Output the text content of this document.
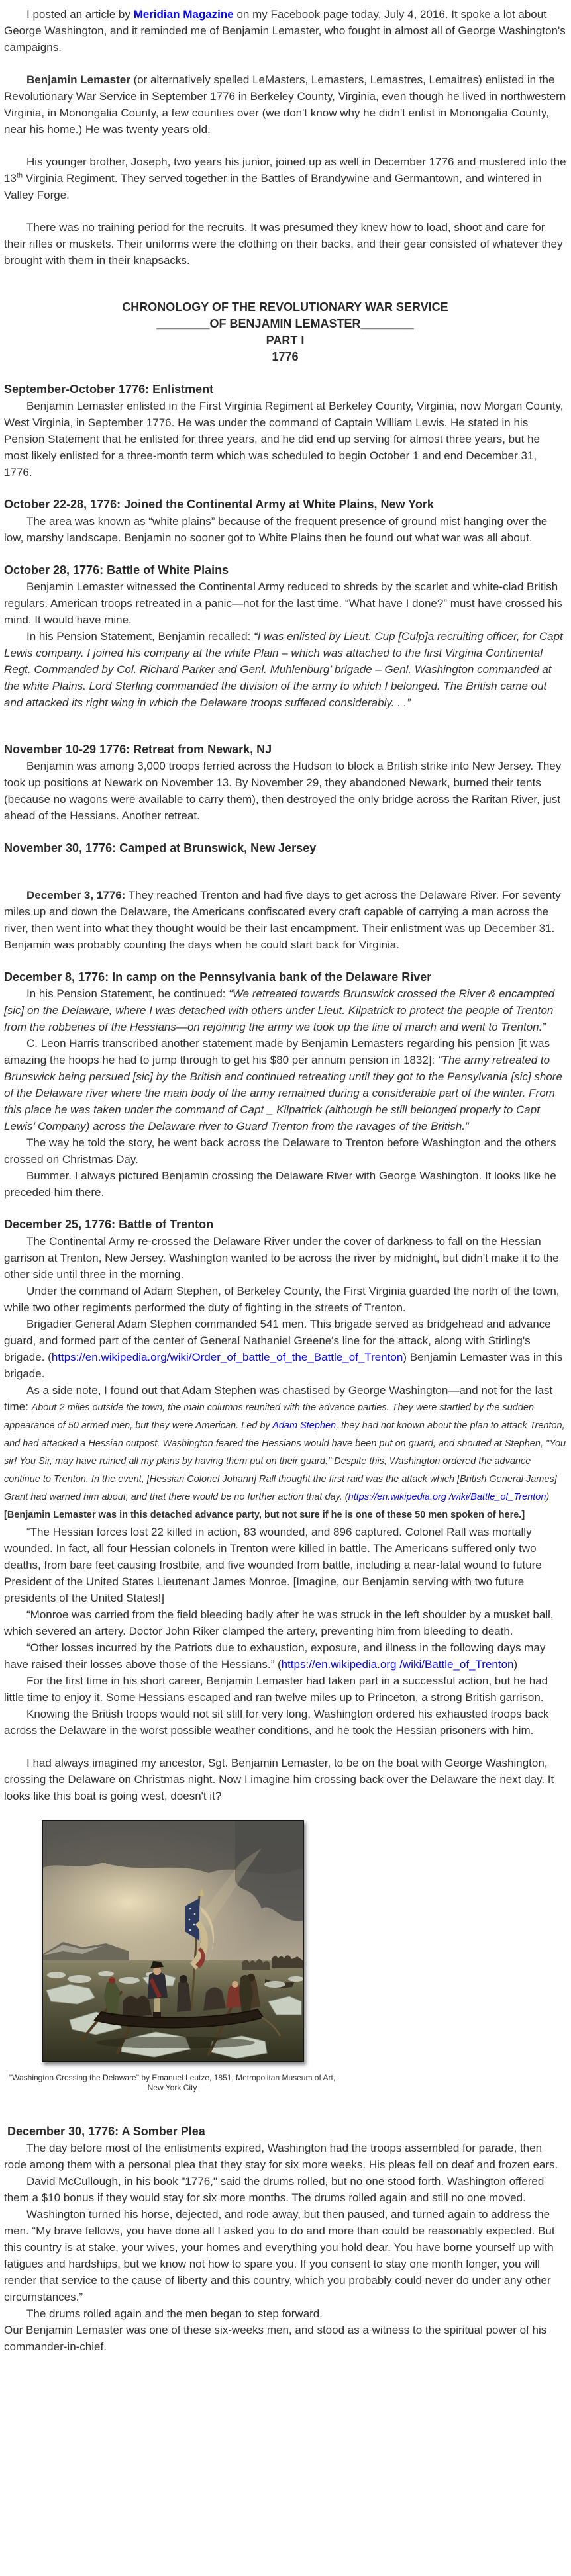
I posted an article by Meridian Magazine on my Facebook page today, July 4, 2016. It spoke a lot about George Washington, and it reminded me of Benjamin Lemaster, who fought in almost all of George Washington's campaigns.
Benjamin Lemaster (or alternatively spelled LeMasters, Lemasters, Lemastres, Lemaitres) enlisted in the Revolutionary War Service in September 1776 in Berkeley County, Virginia, even though he lived in northwestern Virginia, in Monongalia County, a few counties over (we don't know why he didn't enlist in Monongalia County, near his home.) He was twenty years old.
His younger brother, Joseph, two years his junior, joined up as well in December 1776 and mustered into the 13th Virginia Regiment. They served together in the Battles of Brandywine and Germantown, and wintered in Valley Forge.
There was no training period for the recruits. It was presumed they knew how to load, shoot and care for their rifles or muskets. Their uniforms were the clothing on their backs, and their gear consisted of whatever they brought with them in their knapsacks.
CHRONOLOGY OF THE REVOLUTIONARY WAR SERVICE
________OF BENJAMIN LEMASTER________
PART I
1776
September-October 1776: Enlistment
Benjamin Lemaster enlisted in the First Virginia Regiment at Berkeley County, Virginia, now Morgan County, West Virginia, in September 1776. He was under the command of Captain William Lewis. He stated in his Pension Statement that he enlisted for three years, and he did end up serving for almost three years, but he most likely enlisted for a three-month term which was scheduled to begin October 1 and end December 31, 1776.
October 22-28, 1776: Joined the Continental Army at White Plains, New York
The area was known as “white plains” because of the frequent presence of ground mist hanging over the low, marshy landscape. Benjamin no sooner got to White Plains then he found out what war was all about.
October 28, 1776: Battle of White Plains
Benjamin Lemaster witnessed the Continental Army reduced to shreds by the scarlet and white-clad British regulars. American troops retreated in a panic—not for the last time. “What have I done?” must have crossed his mind. It would have mine.
In his Pension Statement, Benjamin recalled: “I was enlisted by Lieut. Cup [Culp]a recruiting officer, for Capt Lewis company. I joined his company at the white Plain – which was attached to the first Virginia Continental Regt. Commanded by Col. Richard Parker and Genl. Muhlenburg’ brigade – Genl. Washington commanded at the white Plains. Lord Sterling commanded the division of the army to which I belonged. The British came out and attacked its right wing in which the Delaware troops suffered considerably. . .”
November 10-29 1776: Retreat from Newark, NJ
Benjamin was among 3,000 troops ferried across the Hudson to block a British strike into New Jersey. They took up positions at Newark on November 13. By November 29, they abandoned Newark, burned their tents (because no wagons were available to carry them), then destroyed the only bridge across the Raritan River, just ahead of the Hessians. Another retreat.
November 30, 1776: Camped at Brunswick, New Jersey
December 3, 1776: They reached Trenton and had five days to get across the Delaware River. For seventy miles up and down the Delaware, the Americans confiscated every craft capable of carrying a man across the river, then went into what they thought would be their last encampment. Their enlistment was up December 31. Benjamin was probably counting the days when he could start back for Virginia.
December 8, 1776: In camp on the Pennsylvania bank of the Delaware River
In his Pension Statement, he continued: “We retreated towards Brunswick crossed the River & encampted [sic] on the Delaware, where I was detached with others under Lieut. Kilpatrick to protect the people of Trenton from the robberies of the Hessians—on rejoining the army we took up the line of march and went to Trenton.”
C. Leon Harris transcribed another statement made by Benjamin Lemasters regarding his pension [it was amazing the hoops he had to jump through to get his $80 per annum pension in 1832]: “The army retreated to Brunswick being persued [sic] by the British and continued retreating until they got to the Pensylvania [sic] shore of the Delaware river where the main body of the army remained during a considerable part of the winter. From this place he was taken under the command of Capt _ Kilpatrick (although he still belonged properly to Capt Lewis’ Company) across the Delaware river to Guard Trenton from the ravages of the British.”
The way he told the story, he went back across the Delaware to Trenton before Washington and the others crossed on Christmas Day.
Bummer. I always pictured Benjamin crossing the Delaware River with George Washington. It looks like he preceded him there.
December 25, 1776: Battle of Trenton
The Continental Army re-crossed the Delaware River under the cover of darkness to fall on the Hessian garrison at Trenton, New Jersey. Washington wanted to be across the river by midnight, but didn't make it to the other side until three in the morning.
Under the command of Adam Stephen, of Berkeley County, the First Virginia guarded the north of the town, while two other regiments performed the duty of fighting in the streets of Trenton.
Brigadier General Adam Stephen commanded 541 men. This brigade served as bridgehead and advance guard, and formed part of the center of General Nathaniel Greene's line for the attack, along with Stirling's brigade. (https://en.wikipedia.org/wiki/Order_of_battle_of_the_Battle_of_Trenton) Benjamin Lemaster was in this brigade.
As a side note, I found out that Adam Stephen was chastised by George Washington—and not for the last time: About 2 miles outside the town, the main columns reunited with the advance parties. They were startled by the sudden appearance of 50 armed men, but they were American. Led by Adam Stephen, they had not known about the plan to attack Trenton, and had attacked a Hessian outpost. Washington feared the Hessians would have been put on guard, and shouted at Stephen, "You sir! You Sir, may have ruined all my plans by having them put on their guard." Despite this, Washington ordered the advance continue to Trenton. In the event, [Hessian Colonel Johann] Rall thought the first raid was the attack which [British General James] Grant had warned him about, and that there would be no further action that day. (https://en.wikipedia.org /wiki/Battle_of_Trenton) [Benjamin Lemaster was in this detached advance party, but not sure if he is one of these 50 men spoken of here.]
“The Hessian forces lost 22 killed in action, 83 wounded, and 896 captured. Colonel Rall was mortally wounded. In fact, all four Hessian colonels in Trenton were killed in battle. The Americans suffered only two deaths, from bare feet causing frostbite, and five wounded from battle, including a near-fatal wound to future President of the United States Lieutenant James Monroe. [Imagine, our Benjamin serving with two future presidents of the United States!]
“Monroe was carried from the field bleeding badly after he was struck in the left shoulder by a musket ball, which severed an artery. Doctor John Riker clamped the artery, preventing him from bleeding to death.
“Other losses incurred by the Patriots due to exhaustion, exposure, and illness in the following days may have raised their losses above those of the Hessians.” (https://en.wikipedia.org /wiki/Battle_of_Trenton)
For the first time in his short career, Benjamin Lemaster had taken part in a successful action, but he had little time to enjoy it. Some Hessians escaped and ran twelve miles up to Princeton, a strong British garrison.
Knowing the British troops would not sit still for very long, Washington ordered his exhausted troops back across the Delaware in the worst possible weather conditions, and he took the Hessian prisoners with him.
I had always imagined my ancestor, Sgt. Benjamin Lemaster, to be on the boat with George Washington, crossing the Delaware on Christmas night. Now I imagine him crossing back over the Delaware the next day. It looks like this boat is going west, doesn't it?
"Washington Crossing the Delaware" by Emanuel Leutze, 1851, Metropolitan Museum of Art, New York City
December 30, 1776: A Somber Plea
The day before most of the enlistments expired, Washington had the troops assembled for parade, then rode among them with a personal plea that they stay for six more weeks. His pleas fell on deaf and frozen ears.
David McCullough, in his book "1776," said the drums rolled, but no one stood forth. Washington offered them a $10 bonus if they would stay for six more months. The drums rolled again and still no one moved.
Washington turned his horse, dejected, and rode away, but then paused, and turned again to address the men. “My brave fellows, you have done all I asked you to do and more than could be reasonably expected. But this country is at stake, your wives, your homes and everything you hold dear. You have borne yourself up with fatigues and hardships, but we know not how to spare you. If you consent to stay one month longer, you will render that service to the cause of liberty and this country, which you probably could never do under any other circumstances.”
The drums rolled again and the men began to step forward.
Our Benjamin Lemaster was one of these six-weeks men, and stood as a witness to the spiritual power of his commander-in-chief.
